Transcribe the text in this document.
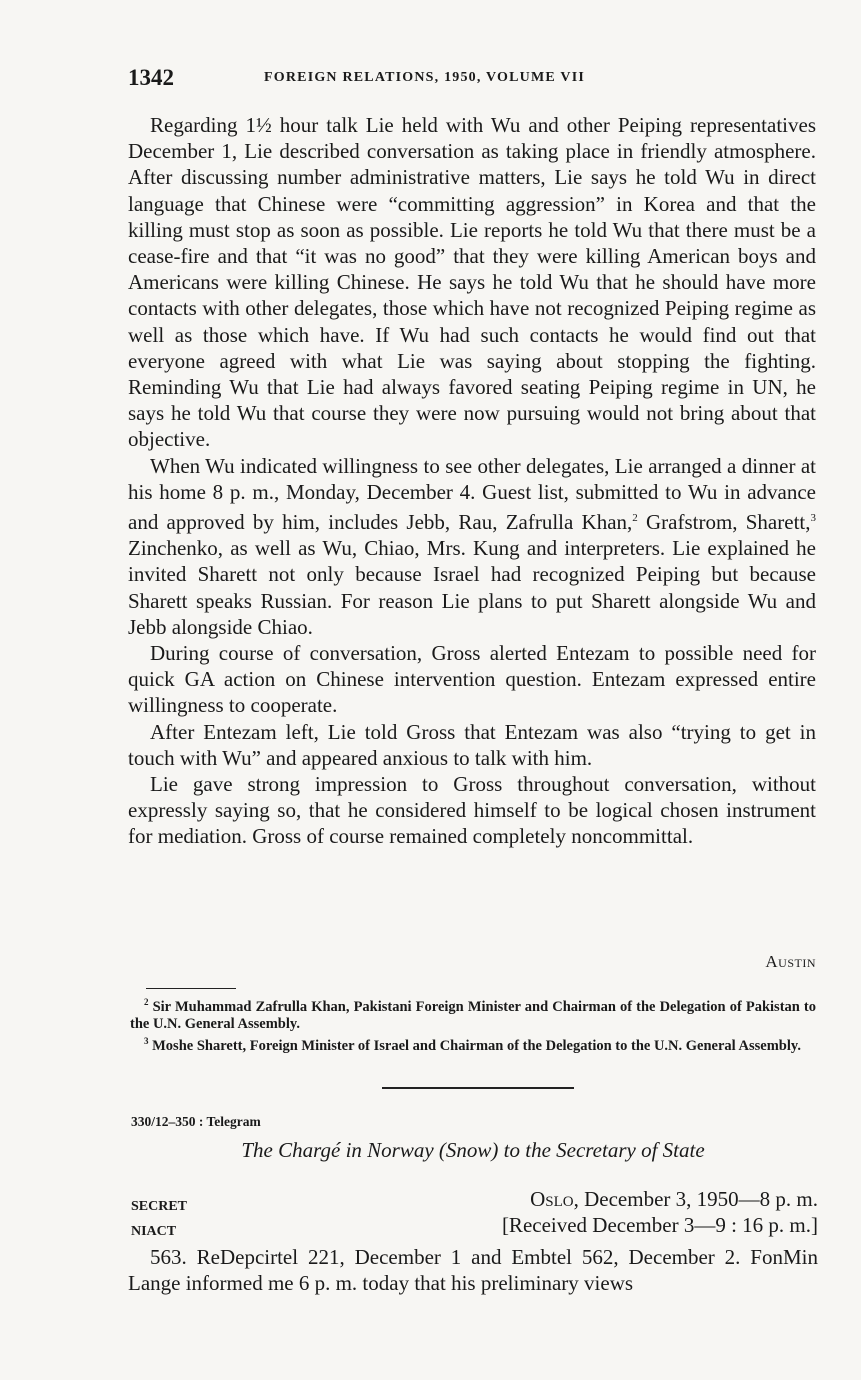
1342	FOREIGN RELATIONS, 1950, VOLUME VII

Regarding 1½ hour talk Lie held with Wu and other Peiping representatives December 1, Lie described conversation as taking place in friendly atmosphere. After discussing number administrative matters, Lie says he told Wu in direct language that Chinese were “committing aggression” in Korea and that the killing must stop as soon as possible. Lie reports he told Wu that there must be a cease-fire and that “it was no good” that they were killing American boys and Americans were killing Chinese. He says he told Wu that he should have more contacts with other delegates, those which have not recognized Peiping regime as well as those which have. If Wu had such contacts he would find out that everyone agreed with what Lie was saying about stopping the fighting. Reminding Wu that Lie had always favored seating Peiping regime in UN, he says he told Wu that course they were now pursuing would not bring about that objective.

When Wu indicated willingness to see other delegates, Lie arranged a dinner at his home 8 p. m., Monday, December 4. Guest list, submitted to Wu in advance and approved by him, includes Jebb, Rau, Zafrulla Khan,$^2$ Grafstrom, Sharett,$^3$ Zinchenko, as well as Wu, Chiao, Mrs. Kung and interpreters. Lie explained he invited Sharett not only because Israel had recognized Peiping but because Sharett speaks Russian. For reason Lie plans to put Sharett alongside Wu and Jebb alongside Chiao.

During course of conversation, Gross alerted Entezam to possible need for quick GA action on Chinese intervention question. Entezam expressed entire willingness to cooperate.

After Entezam left, Lie told Gross that Entezam was also “trying to get in touch with Wu” and appeared anxious to talk with him.

Lie gave strong impression to Gross throughout conversation, without expressly saying so, that he considered himself to be logical chosen instrument for mediation. Gross of course remained completely noncommittal.

Austin

$^2$ Sir Muhammad Zafrulla Khan, Pakistani Foreign Minister and Chairman of the Delegation of Pakistan to the U.N. General Assembly.

$^3$ Moshe Sharett, Foreign Minister of Israel and Chairman of the Delegation to the U.N. General Assembly.

330/12–350 : Telegram
The Chargé in Norway (Snow) to the Secretary of State
SECRET
NIACT
Oslo, December 3, 1950—8 p. m.
[Received December 3—9 : 16 p. m.]

563. ReDepcirtel 221, December 1 and Embtel 562, December 2. FonMin Lange informed me 6 p. m. today that his preliminary views
